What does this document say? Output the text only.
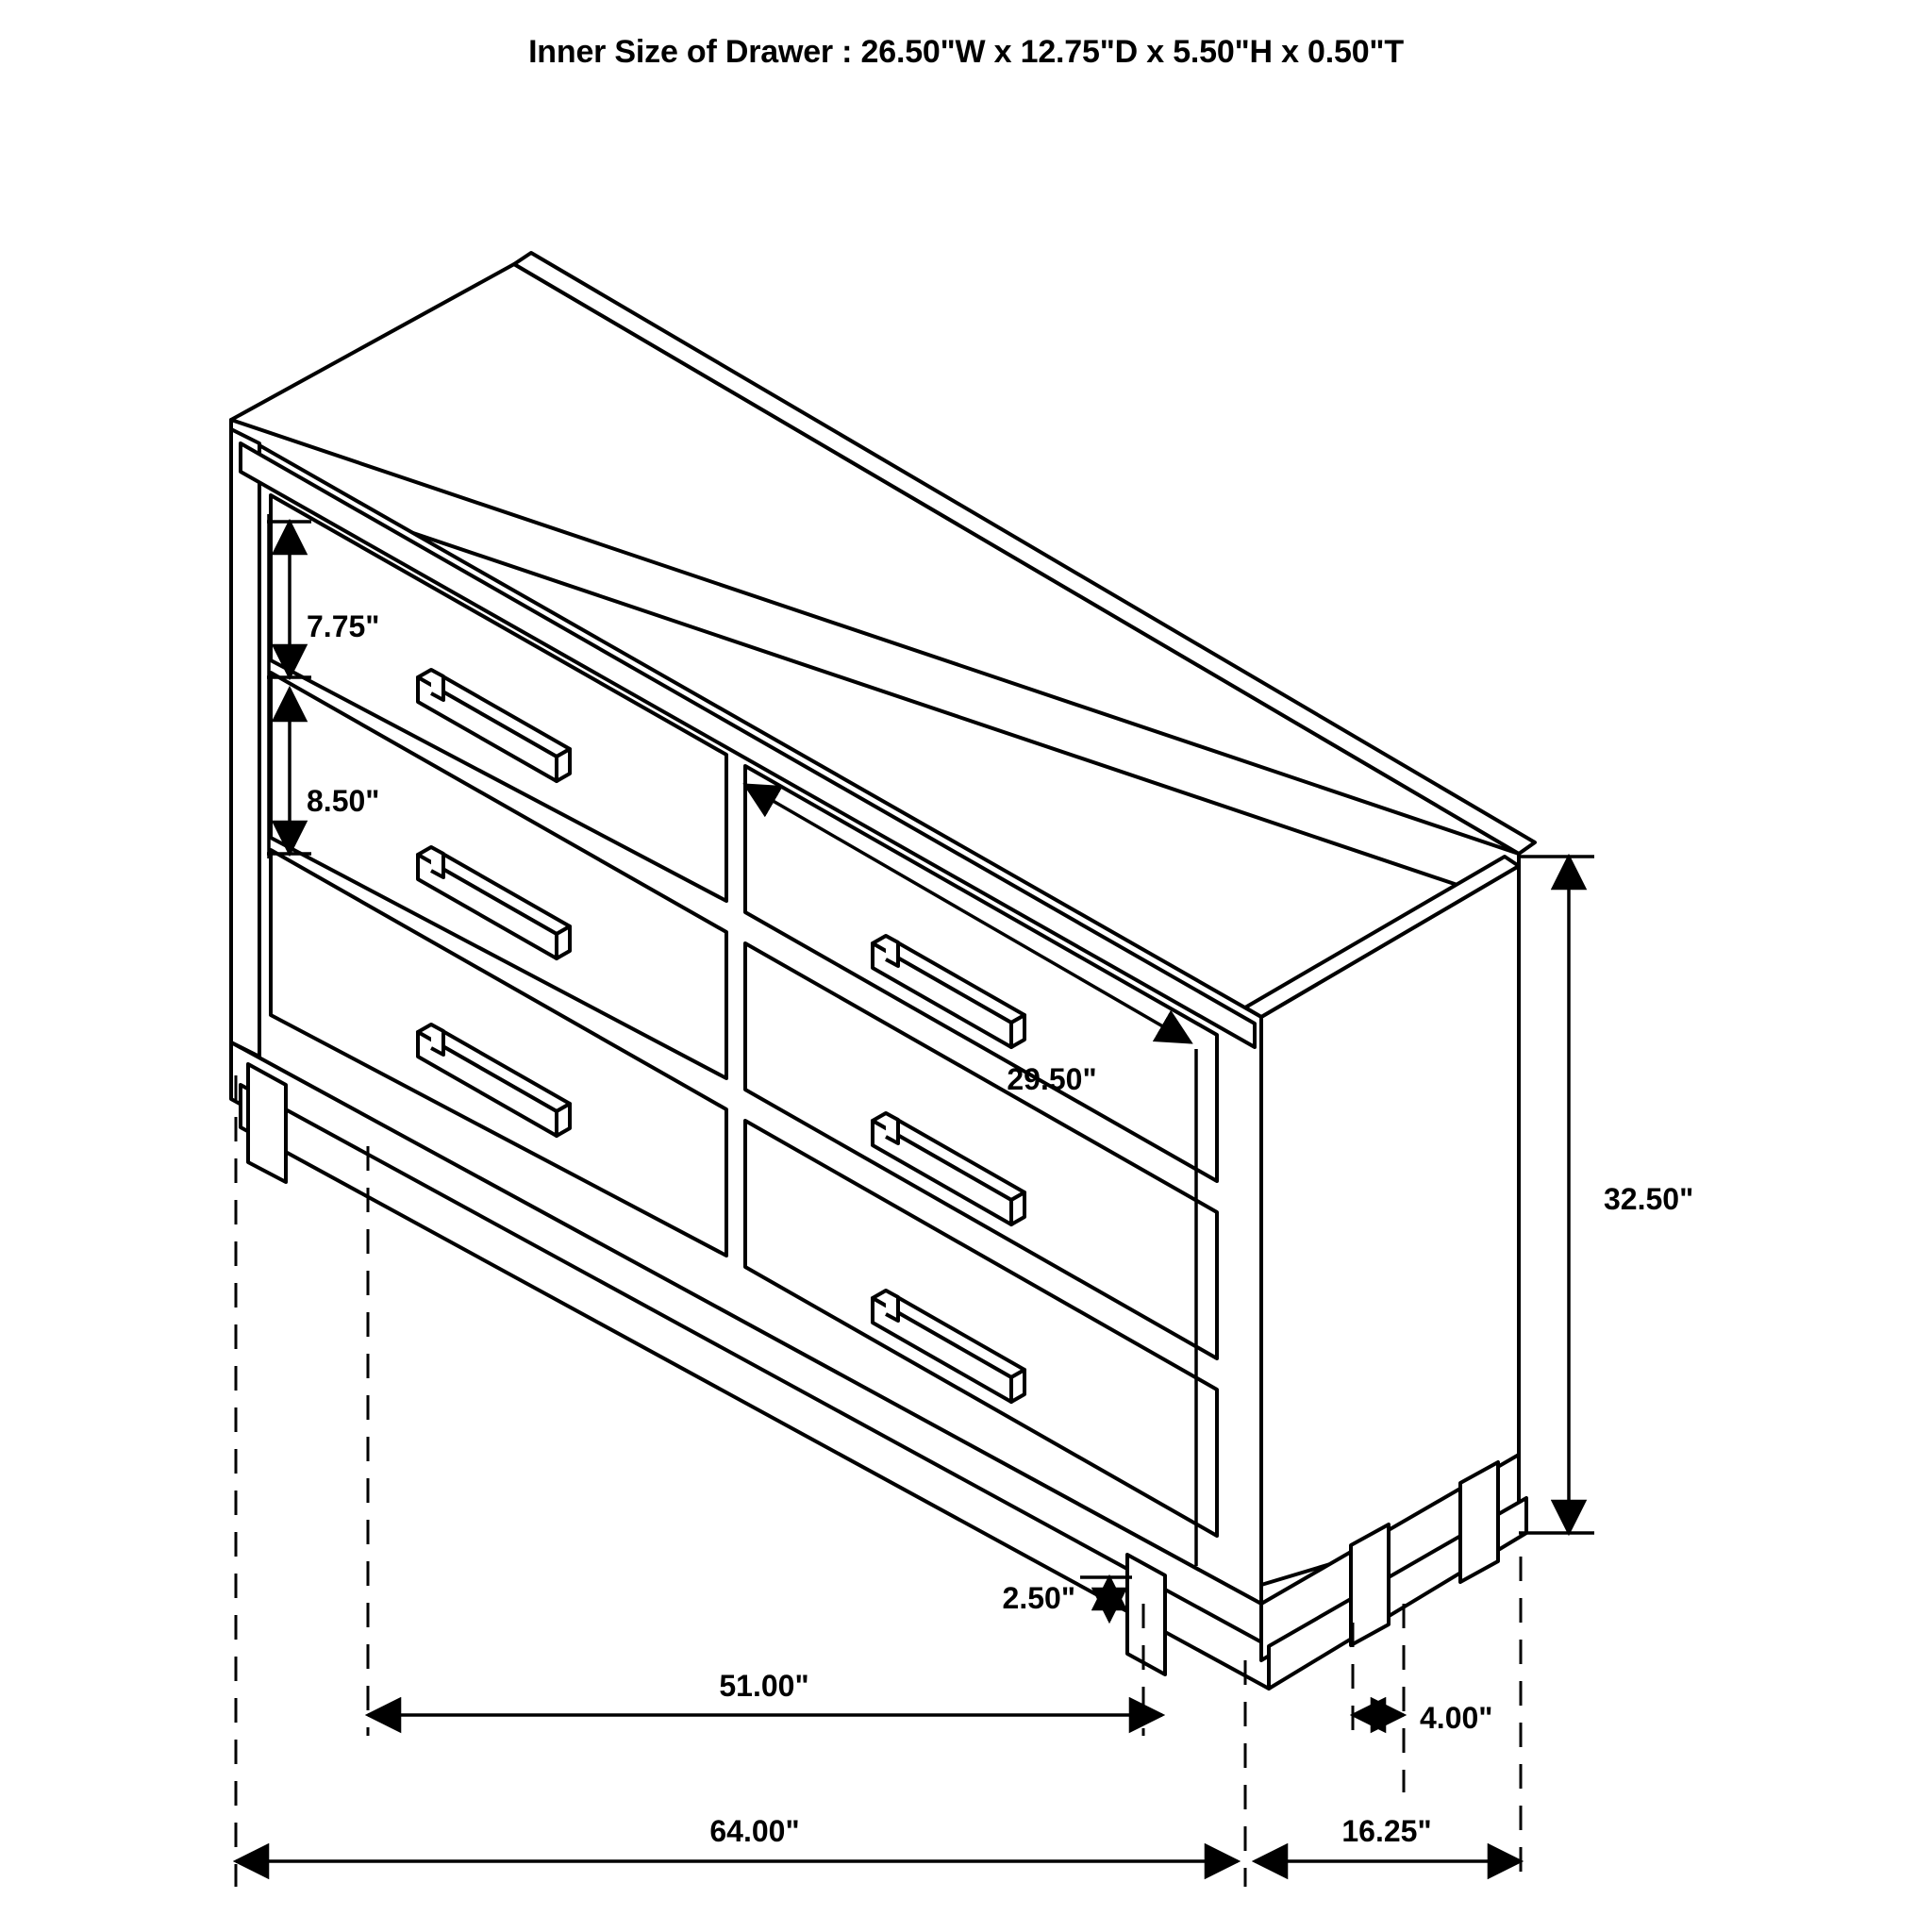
Inner Size of Drawer : 26.50"W x 12.75"D x 5.50"H x 0.50"T
7.75"
8.50"
29.50"
32.50"
2.50"
51.00"
4.00"
64.00"	16.25"
